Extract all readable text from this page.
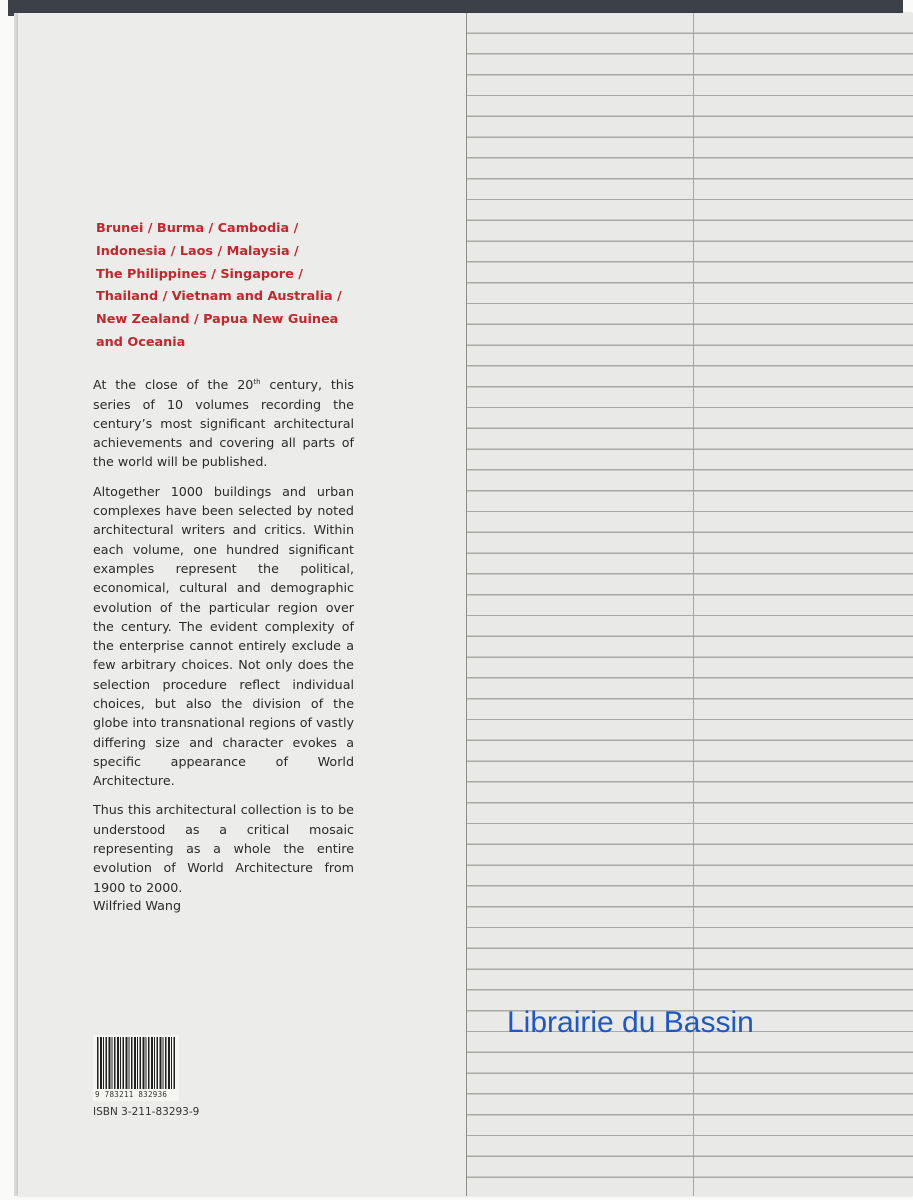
Brunei / Burma / Cambodia /
Indonesia / Laos / Malaysia /
The Philippines / Singapore /
Thailand / Vietnam and Australia /
New Zealand / Papua New Guinea
and Oceania

At the close of the 20th century, this series of 10 volumes recording the century’s most significant architectural achievements and covering all parts of the world will be published.

Altogether 1000 buildings and urban complexes have been selected by noted architectural writers and critics. Within each volume, one hundred significant examples represent the political, economical, cultural and demographic evolution of the particular region over the century. The evident complexity of the enterprise cannot entirely exclude a few arbitrary choices. Not only does the selection procedure reflect individual choices, but also the division of the globe into transnational regions of vastly differing size and character evokes a specific appearance of World Architecture.

Thus this architectural collection is to be understood as a critical mosaic representing as a whole the entire evolution of World Architecture from 1900 to 2000.

Wilfried Wang
Librairie du Bassin
9 783211 832936
ISBN 3-211-83293-9
